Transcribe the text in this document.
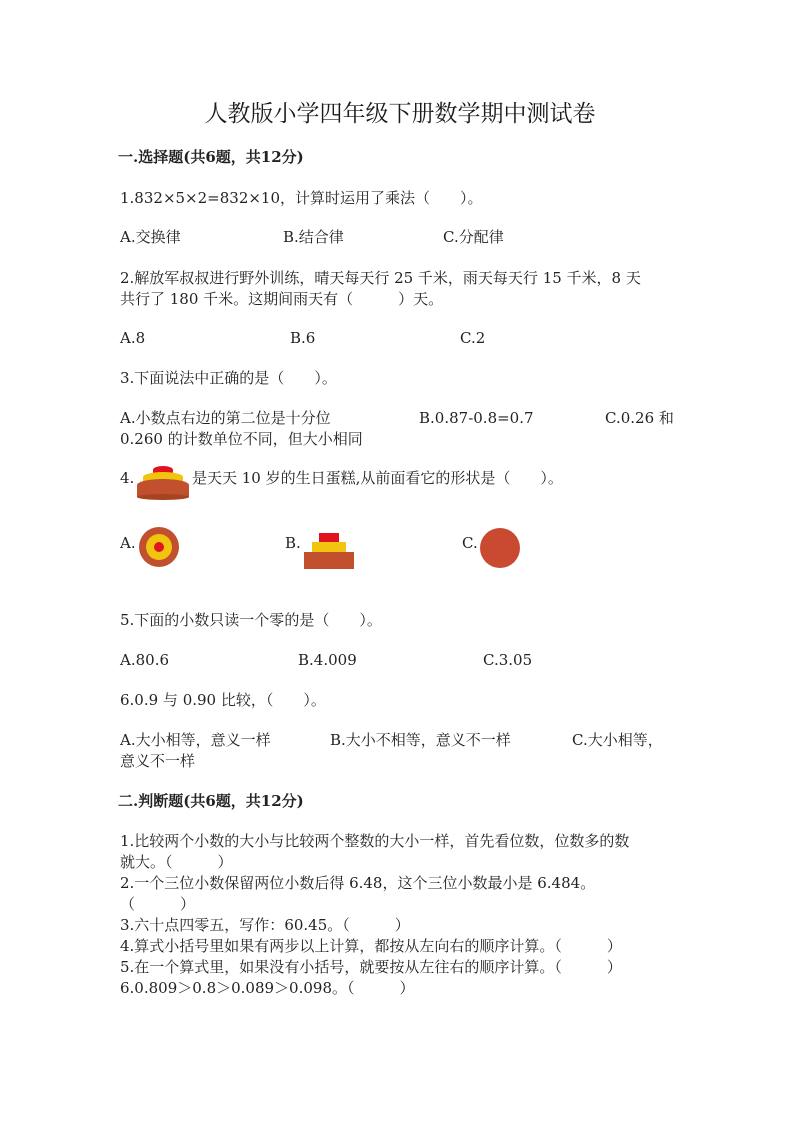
人教版小学四年级下册数学期中测试卷
一.选择题(共6题，共12分)
1.832×5×2=832×10，计算时运用了乘法（　　）。
A.交换律	B.结合律	C.分配律
2.解放军叔叔进行野外训练，晴天每天行 25 千米，雨天每天行 15 千米，8 天
共行了 180 千米。这期间雨天有（　　　）天。
A.8	B.6	C.2
3.下面说法中正确的是（　　）。
A.小数点右边的第二位是十分位	B.0.87-0.8=0.7	C.0.26 和
0.260 的计数单位不同，但大小相同
4.	是天天 10 岁的生日蛋糕,从前面看它的形状是（　　）。
A.	B.	C.
5.下面的小数只读一个零的是（　　）。
A.80.6	B.4.009	C.3.05
6.0.9 与 0.90 比较，（　　）。
A.大小相等，意义一样	B.大小不相等，意义不一样	C.大小相等，
意义不一样
二.判断题(共6题，共12分)
1.比较两个小数的大小与比较两个整数的大小一样，首先看位数，位数多的数
就大。（　　　）
2.一个三位小数保留两位小数后得 6.48，这个三位小数最小是 6.484。
（　　　）
3.六十点四零五，写作：60.45。（　　　）
4.算式小括号里如果有两步以上计算，都按从左向右的顺序计算。（　　　）
5.在一个算式里，如果没有小括号，就要按从左往右的顺序计算。（　　　）
6.0.809＞0.8＞0.089＞0.098。（　　　）
